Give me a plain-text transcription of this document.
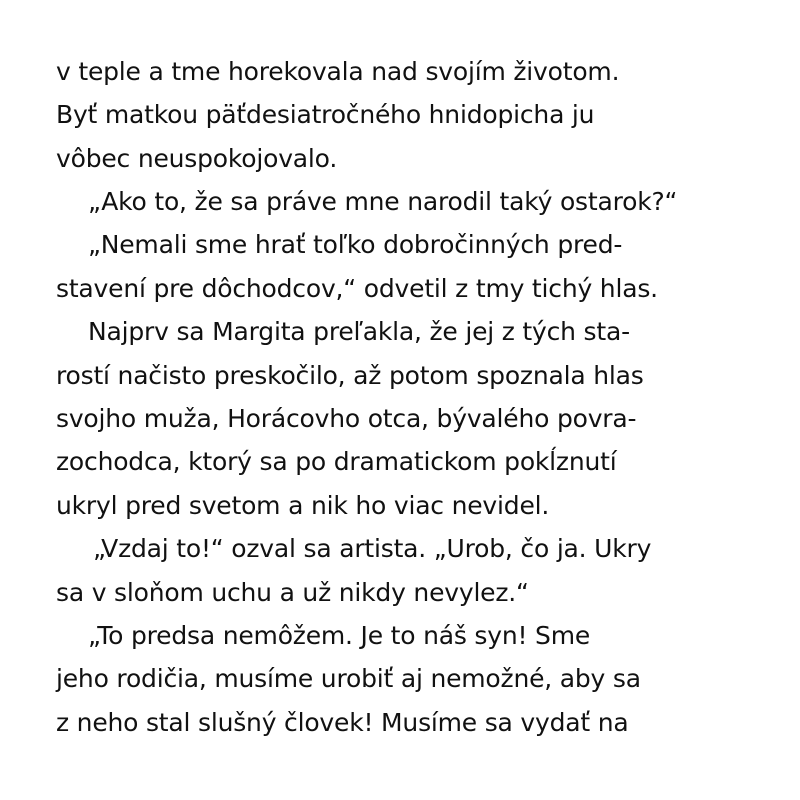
v teple a tme horekovala nad svojím životom.
Byť matkou päťdesiatročného hnidopicha ju
vôbec neuspokojovalo.
„Ako to, že sa práve mne narodil taký ostarok?“
„Nemali sme hrať toľko dobročinných pred-
stavení pre dôchodcov,“ odvetil z tmy tichý hlas.
Najprv sa Margita preľakla, že jej z tých sta-
rostí načisto preskočilo, až potom spoznala hlas
svojho muža, Horácovho otca, bývalého povra-
zochodca, ktorý sa po dramatickom pokĺznutí
ukryl pred svetom a nik ho viac nevidel.
„Vzdaj to!“ ozval sa artista. „Urob, čo ja. Ukry
sa v sloňom uchu a už nikdy nevylez.“
„To predsa nemôžem. Je to náš syn! Sme
jeho rodičia, musíme urobiť aj nemožné, aby sa
z neho stal slušný človek! Musíme sa vydať na
